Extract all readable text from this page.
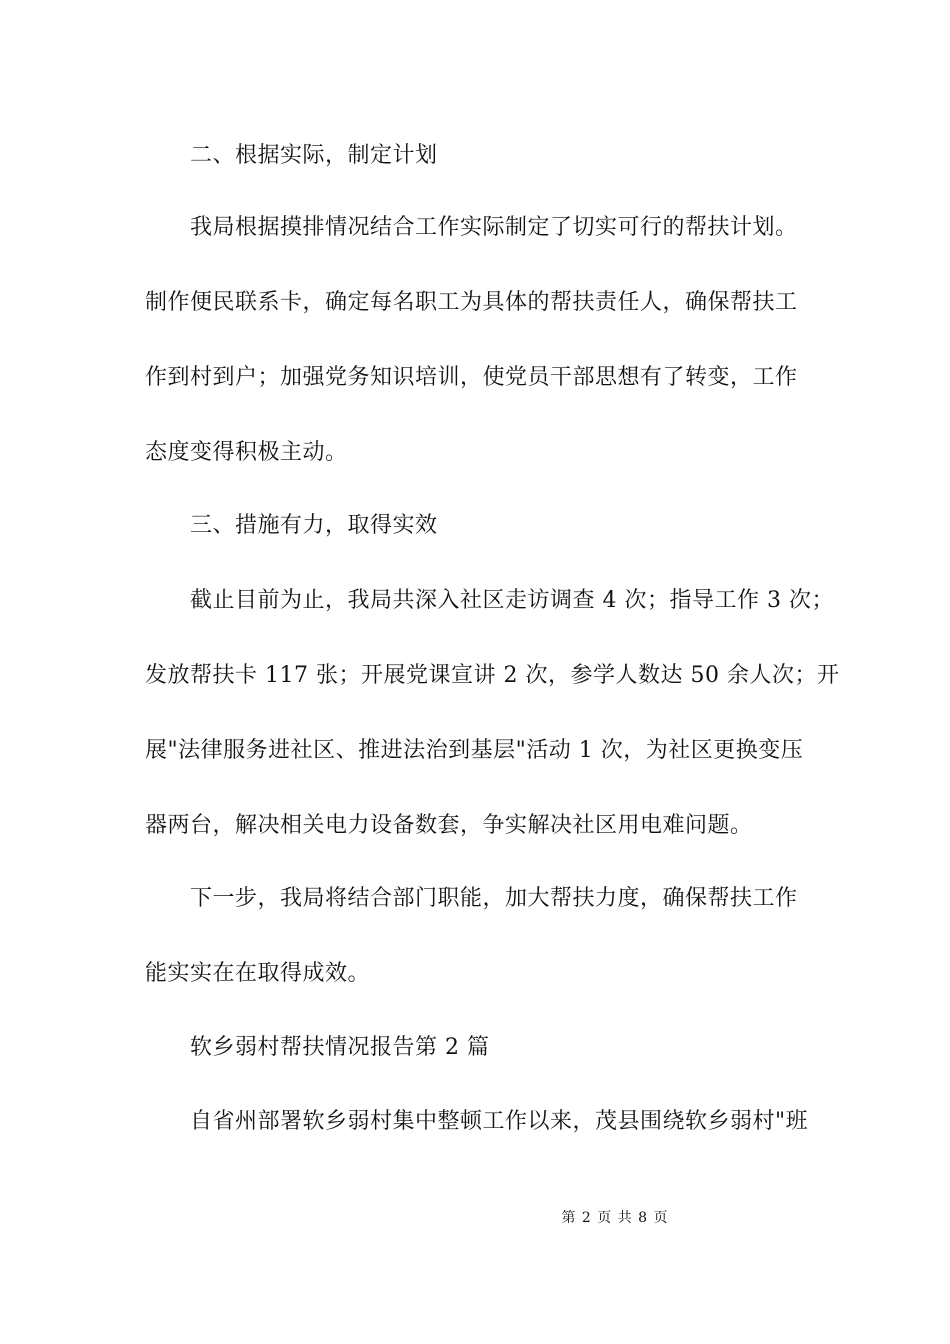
二、根据实际，制定计划
我局根据摸排情况结合工作实际制定了切实可行的帮扶计划。
制作便民联系卡，确定每名职工为具体的帮扶责任人，确保帮扶工
作到村到户；加强党务知识培训，使党员干部思想有了转变，工作
态度变得积极主动。
三、措施有力，取得实效
截止目前为止，我局共深入社区走访调查 4 次；指导工作 3 次；
发放帮扶卡 117 张；开展党课宣讲 2 次，参学人数达 50 余人次；开
展"法律服务进社区、推进法治到基层"活动 1 次，为社区更换变压
器两台，解决相关电力设备数套，争实解决社区用电难问题。
下一步，我局将结合部门职能，加大帮扶力度，确保帮扶工作
能实实在在取得成效。
软乡弱村帮扶情况报告第 2 篇
自省州部署软乡弱村集中整顿工作以来，茂县围绕软乡弱村"班
第 2 页 共 8 页
